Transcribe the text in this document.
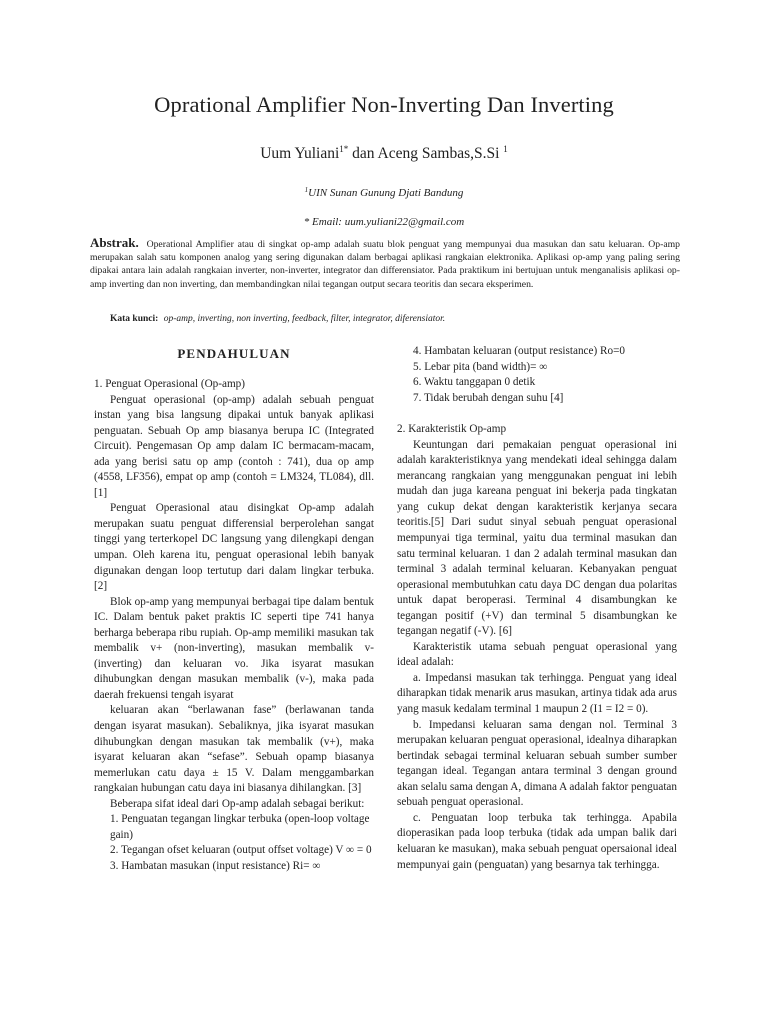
Oprational Amplifier Non-Inverting Dan Inverting
Uum Yuliani$^{1*}$ dan Aceng Sambas,S.Si $^1$
$^1$UIN Sunan Gunung Djati Bandung
* Email: uum.yuliani22@gmail.com
Abstrak. Operational Amplifier atau di singkat op-amp adalah suatu blok penguat yang mempunyai dua masukan dan satu keluaran. Op-amp merupakan salah satu komponen analog yang sering digunakan dalam berbagai aplikasi rangkaian elektronika. Aplikasi op-amp yang paling sering dipakai antara lain adalah rangkaian inverter, non-inverter, integrator dan differensiator. Pada praktikum ini bertujuan untuk menganalisis aplikasi op-amp inverting dan non inverting, dan membandingkan nilai tegangan output secara teoritis dan secara eksperimen.
Kata kunci: op-amp, inverting, non inverting, feedback, filter, integrator, diferensiator.
PENDAHULUAN

1. Penguat Operasional (Op-amp)

Penguat operasional (op-amp) adalah sebuah penguat instan yang bisa langsung dipakai untuk banyak aplikasi penguatan. Sebuah Op amp biasanya berupa IC (Integrated Circuit). Pengemasan Op amp dalam IC bermacam-macam, ada yang berisi satu op amp (contoh : 741), dua op amp (4558, LF356), empat op amp (contoh = LM324, TL084), dll. [1]

Penguat Operasional atau disingkat Op-amp adalah merupakan suatu penguat differensial berperolehan sangat tinggi yang terterkopel DC langsung yang dilengkapi dengan umpan. Oleh karena itu, penguat operasional lebih banyak digunakan dengan loop tertutup dari dalam lingkar terbuka. [2]

Blok op-amp yang mempunyai berbagai tipe dalam bentuk IC. Dalam bentuk paket praktis IC seperti tipe 741 hanya berharga beberapa ribu rupiah. Op-amp memiliki masukan tak membalik v+ (non-inverting), masukan membalik v- (inverting) dan keluaran vo. Jika isyarat masukan dihubungkan dengan masukan membalik (v-), maka pada daerah frekuensi tengah isyarat

keluaran akan “berlawanan fase” (berlawanan tanda dengan isyarat masukan). Sebaliknya, jika isyarat masukan dihubungkan dengan masukan tak membalik (v+), maka isyarat keluaran akan “sefase”. Sebuah opamp biasanya memerlukan catu daya ± 15 V. Dalam menggambarkan rangkaian hubungan catu daya ini biasanya dihilangkan. [3]

Beberapa sifat ideal dari Op-amp adalah sebagai berikut:

1. Penguatan tegangan lingkar terbuka (open-loop voltage gain)

2. Tegangan ofset keluaran (output offset voltage) V ∞ = 0

3. Hambatan masukan (input resistance) Ri= ∞

4. Hambatan keluaran (output resistance) Ro=0

5. Lebar pita (band width)= ∞

6. Waktu tanggapan 0 detik

7. Tidak berubah dengan suhu [4]

2. Karakteristik Op-amp

Keuntungan dari pemakaian penguat operasional ini adalah karakteristiknya yang mendekati ideal sehingga dalam merancang rangkaian yang menggunakan penguat ini lebih mudah dan juga kareana penguat ini bekerja pada tingkatan yang cukup dekat dengan karakteristik kerjanya secara teoritis.[5] Dari sudut sinyal sebuah penguat operasional mempunyai tiga terminal, yaitu dua terminal masukan dan satu terminal keluaran. 1 dan 2 adalah terminal masukan dan terminal 3 adalah terminal keluaran. Kebanyakan penguat operasional membutuhkan catu daya DC dengan dua polaritas untuk dapat beroperasi. Terminal 4 disambungkan ke tegangan positif (+V) dan terminal 5 disambungkan ke tegangan negatif (-V). [6]

Karakteristik utama sebuah penguat operasional yang ideal adalah:

a. Impedansi masukan tak terhingga. Penguat yang ideal diharapkan tidak menarik arus masukan, artinya tidak ada arus yang masuk kedalam terminal 1 maupun 2 (I1 = I2 = 0).

b. Impedansi keluaran sama dengan nol. Terminal 3 merupakan keluaran penguat operasional, idealnya diharapkan bertindak sebagai terminal keluaran sebuah sumber sumber tegangan ideal. Tegangan antara terminal 3 dengan ground akan selalu sama dengan A, dimana A adalah faktor penguatan sebuah penguat operasional.

c. Penguatan loop terbuka tak terhingga. Apabila dioperasikan pada loop terbuka (tidak ada umpan balik dari keluaran ke masukan), maka sebuah penguat opersaional ideal mempunyai gain (penguatan) yang besarnya tak terhingga.
